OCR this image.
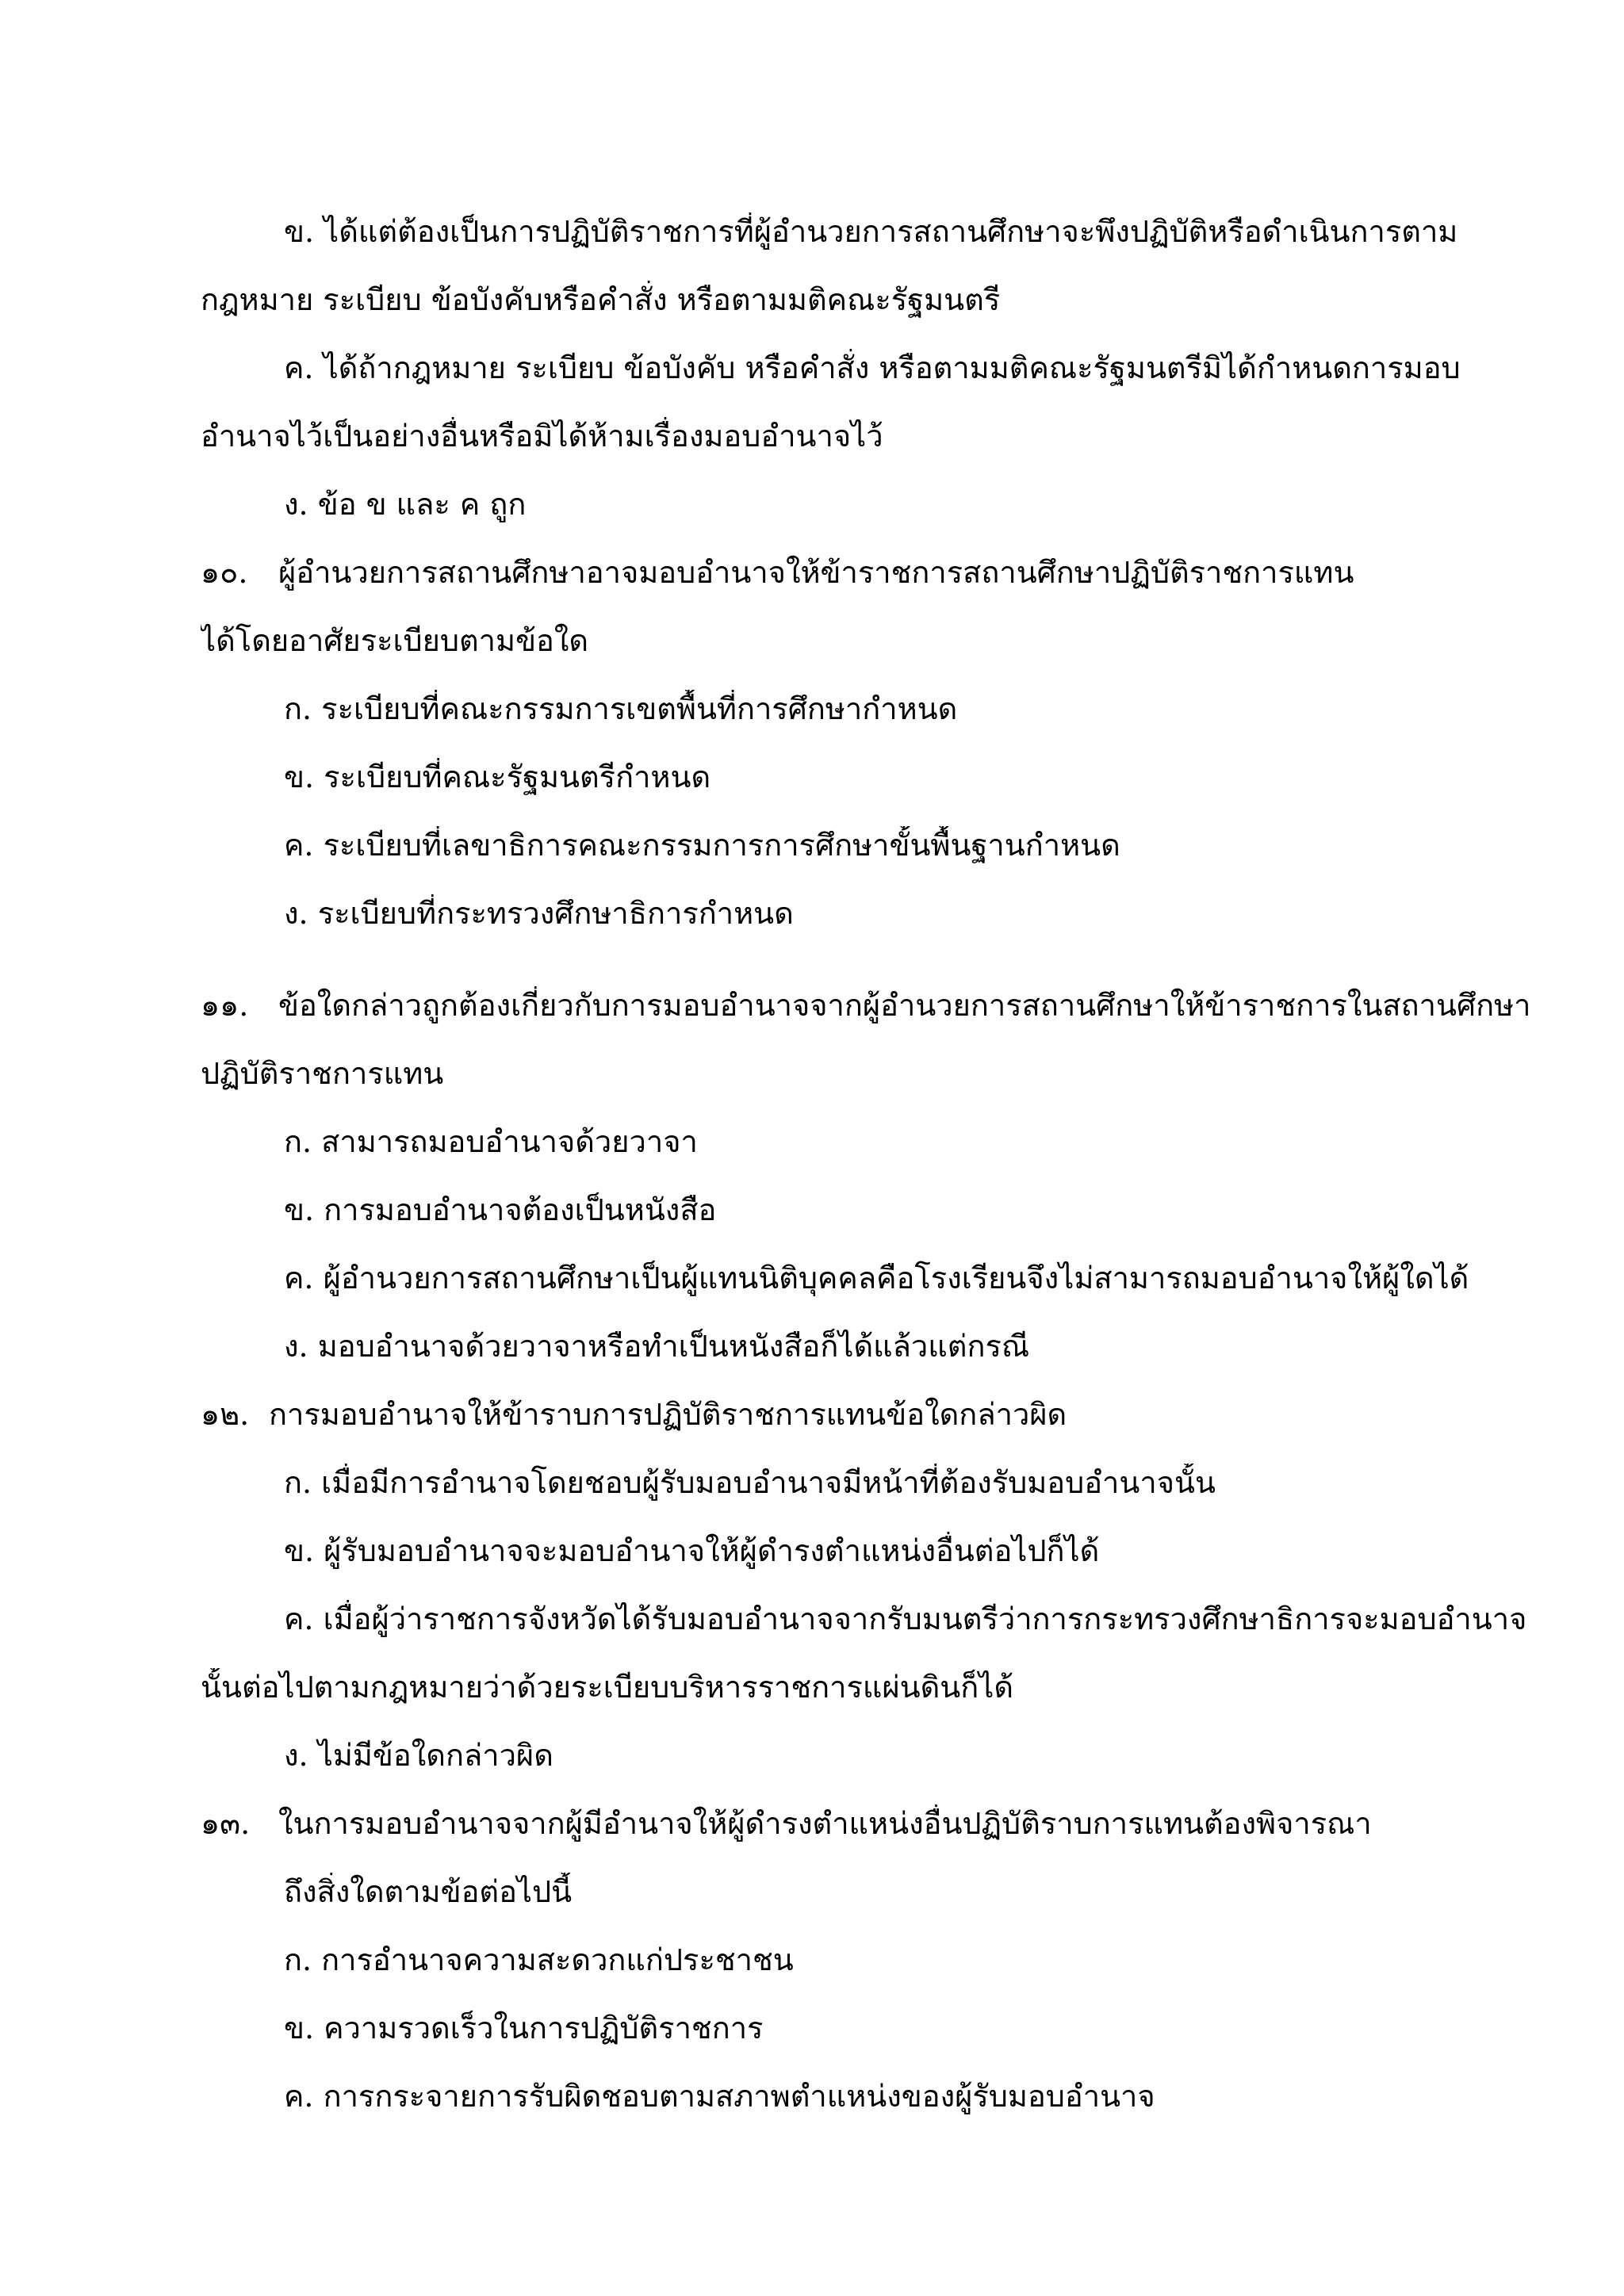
ข. ได้แต่ต้องเป็นการปฏิบัติราชการที่ผู้อำนวยการสถานศึกษาจะพึงปฏิบัติหรือดำเนินการตาม
กฎหมาย ระเบียบ ข้อบังคับหรือคำสั่ง หรือตามมติคณะรัฐมนตรี
ค. ได้ถ้ากฎหมาย ระเบียบ ข้อบังคับ หรือคำสั่ง หรือตามมติคณะรัฐมนตรีมิได้กำหนดการมอบ
อำนาจไว้เป็นอย่างอื่นหรือมิได้ห้ามเรื่องมอบอำนาจไว้
ง. ข้อ ข และ ค ถูก
๑๐. ผู้อำนวยการสถานศึกษาอาจมอบอำนาจให้ข้าราชการสถานศึกษาปฏิบัติราชการแทน
ได้โดยอาศัยระเบียบตามข้อใด
ก. ระเบียบที่คณะกรรมการเขตพื้นที่การศึกษากำหนด
ข. ระเบียบที่คณะรัฐมนตรีกำหนด
ค. ระเบียบที่เลขาธิการคณะกรรมการการศึกษาขั้นพื้นฐานกำหนด
ง. ระเบียบที่กระทรวงศึกษาธิการกำหนด
๑๑. ข้อใดกล่าวถูกต้องเกี่ยวกับการมอบอำนาจจากผู้อำนวยการสถานศึกษาให้ข้าราชการในสถานศึกษา
ปฏิบัติราชการแทน
ก. สามารถมอบอำนาจด้วยวาจา
ข. การมอบอำนาจต้องเป็นหนังสือ
ค. ผู้อำนวยการสถานศึกษาเป็นผู้แทนนิติบุคคลคือโรงเรียนจึงไม่สามารถมอบอำนาจให้ผู้ใดได้
ง. มอบอำนาจด้วยวาจาหรือทำเป็นหนังสือก็ได้แล้วแต่กรณี
๑๒. การมอบอำนาจให้ข้าราบการปฏิบัติราชการแทนข้อใดกล่าวผิด
ก. เมื่อมีการอำนาจโดยชอบผู้รับมอบอำนาจมีหน้าที่ต้องรับมอบอำนาจนั้น
ข. ผู้รับมอบอำนาจจะมอบอำนาจให้ผู้ดำรงตำแหน่งอื่นต่อไปก็ได้
ค. เมื่อผู้ว่าราชการจังหวัดได้รับมอบอำนาจจากรับมนตรีว่าการกระทรวงศึกษาธิการจะมอบอำนาจ
นั้นต่อไปตามกฎหมายว่าด้วยระเบียบบริหารราชการแผ่นดินก็ได้
ง. ไม่มีข้อใดกล่าวผิด
๑๓. ในการมอบอำนาจจากผู้มีอำนาจให้ผู้ดำรงตำแหน่งอื่นปฏิบัติราบการแทนต้องพิจารณา
ถึงสิ่งใดตามข้อต่อไปนี้
ก. การอำนาจความสะดวกแก่ประชาชน
ข. ความรวดเร็วในการปฏิบัติราชการ
ค. การกระจายการรับผิดชอบตามสภาพตำแหน่งของผู้รับมอบอำนาจ
